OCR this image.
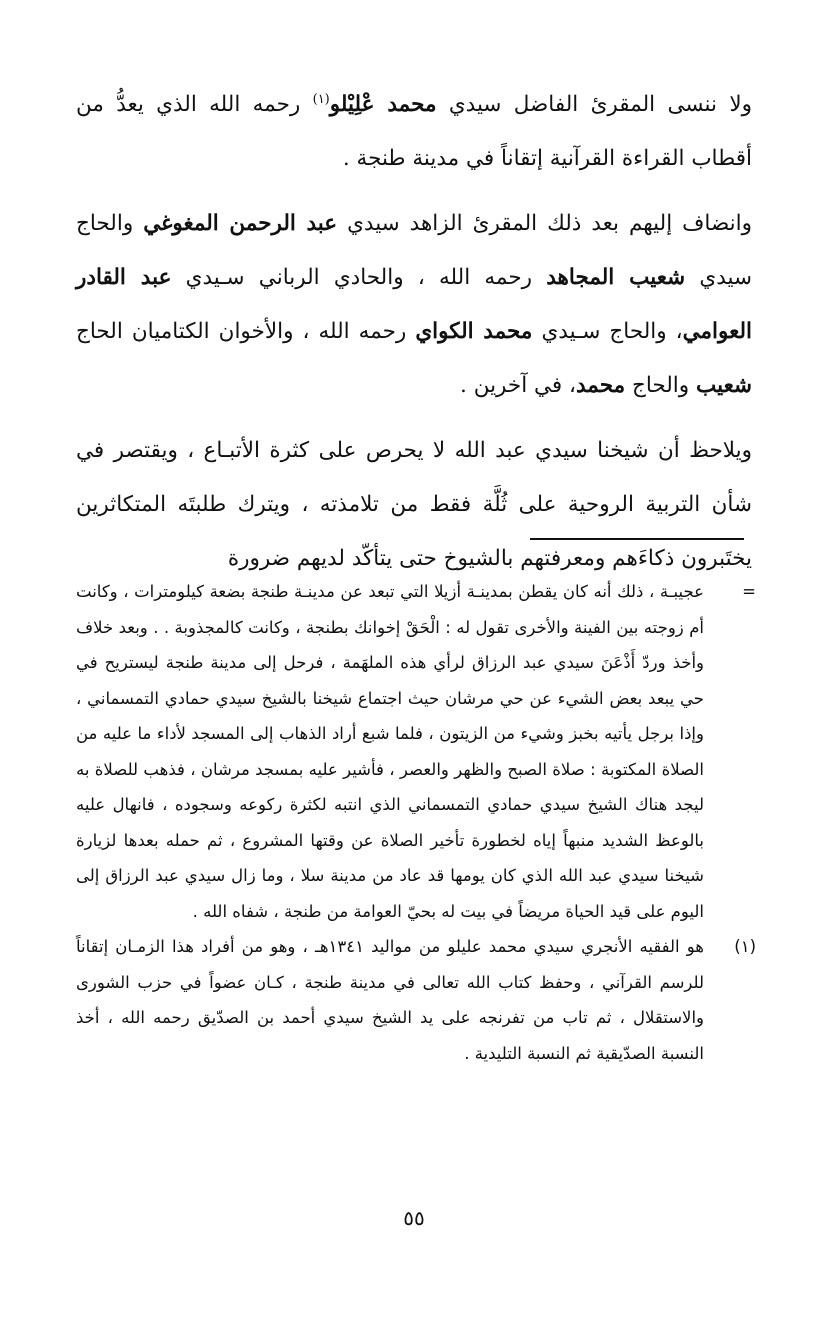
ولا ننسى المقرئ الفاضل سيدي محمد عْلِيْلو$^{(١)}$ رحمه الله الذي يعدُّ من أقطاب القراءة القرآنية إتقاناً في مدينة طنجة .

وانضاف إليهم بعد ذلك المقرئ الزاهد سيدي عبد الرحمن المغوغي والحاج سيدي شعيب المجاهد رحمه الله ، والحادي الرباني سـيدي عبد القادر العوامي، والحاج سـيدي محمد الكواي رحمه الله ، والأخوان الكتاميان الحاج شعيب والحاج محمد، في آخرين .

ويلاحظ أن شيخنا سيدي عبد الله لا يحرص على كثرة الأتبـاع ، ويقتصر في شأن التربية الروحية على ثُلَّة فقط من تلامذته ، ويترك طلبتَه المتكاثرين يختَبرون ذكاءَهم ومعرفتهم بالشيوخ حتى يتأكّد لديهم ضرورة

=
عجيبـة ، ذلك أنه كان يقطن بمدينـة أزيلا التي تبعد عن مدينـة طنجة بضعة كيلومترات ، وكانت أم زوجته بين الفينة والأخرى تقول له : الْحَقْ إخوانك بطنجة ، وكانت كالمجذوبة . . وبعد خلاف وأخذ وردّ أَذْعَنَ سيدي عبد الرزاق لرأي هذه الملهَمة ، فرحل إلى مدينة طنجة ليستريح في حي يبعد بعض الشيء عن حي مرشان حيث اجتماع شيخنا بالشيخ سيدي حمادي التمسماني ، وإذا برجل يأتيه بخبز وشيء من الزيتون ، فلما شبع أراد الذهاب إلى المسجد لأداء ما عليه من الصلاة المكتوبة : صلاة الصبح والظهر والعصر ، فأشير عليه بمسجد مرشان ، فذهب للصلاة به ليجد هناك الشيخ سيدي حمادي التمسماني الذي انتبه لكثرة ركوعه وسجوده ، فانهال عليه بالوعظ الشديد منبهاً إياه لخطورة تأخير الصلاة عن وقتها المشروع ، ثم حمله بعدها لزيارة شيخنا سيدي عبد الله الذي كان يومها قد عاد من مدينة سلا ، وما زال سيدي عبد الرزاق إلى اليوم على قيد الحياة مريضاً في بيت له بحيّ العوامة من طنجة ، شفاه الله .

(١)
هو الفقيه الأنجري سيدي محمد عليلو من مواليد ١٣٤١هـ ، وهو من أفراد هذا الزمـان إتقاناً للرسم القرآني ، وحفظ كتاب الله تعالى في مدينة طنجة ، كـان عضواً في حزب الشورى والاستقلال ، ثم تاب من تفرنجه على يد الشيخ سيدي أحمد بن الصدّيق رحمه الله ، أخذ النسبة الصدّيقية ثم النسبة التليدية .

٥٥
